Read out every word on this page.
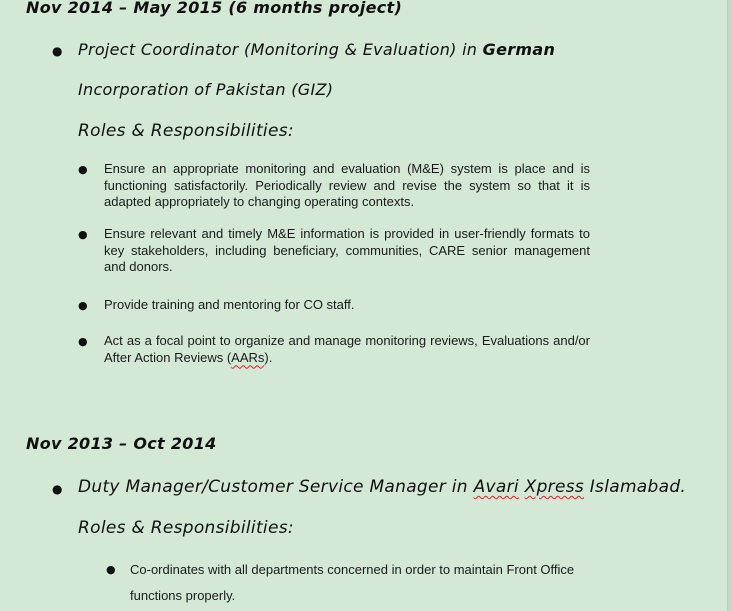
Nov 2014 – May 2015 (6 months project)
● Project Coordinator (Monitoring & Evaluation) in German
Incorporation of Pakistan (GIZ)
Roles & Responsibilities:
● Ensure an appropriate monitoring and evaluation (M&E) system is place and is functioning satisfactorily. Periodically review and revise the system so that it is adapted appropriately to changing operating contexts.
● Ensure relevant and timely M&E information is provided in user-friendly formats to key stakeholders, including beneficiary, communities, CARE senior management and donors.
● Provide training and mentoring for CO staff.
● Act as a focal point to organize and manage monitoring reviews, Evaluations and/or After Action Reviews (AARs).
Nov 2013 – Oct 2014
● Duty Manager/Customer Service Manager in Avari Xpress Islamabad.
Roles & Responsibilities:
● Co-ordinates with all departments concerned in order to maintain Front Office functions properly.
